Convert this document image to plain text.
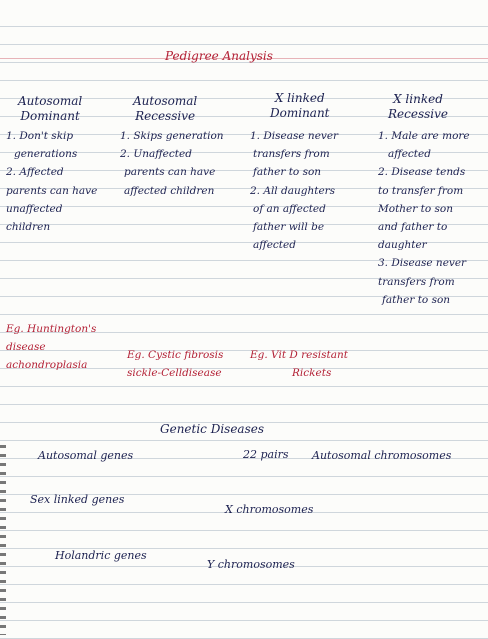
Pedigree Analysis
Autosomal
Dominant
Autosomal
Recessive
X linked
Dominant
X linked
Recessive
1. Don't skip
generations
2. Affected
parents can have
unaffected
children
1. Skips generation
2. Unaffected
parents can have
affected children
1. Disease never
transfers from
father to son
2. All daughters
of an affected
father will be
affected
1. Male are more
affected
2. Disease tends
to transfer from
Mother to son
and father to
daughter
3. Disease never
transfers from
father to son
Eg. Huntington's
disease
achondroplasia
Eg. Cystic fibrosis
sickle-Celldisease
Eg. Vit D resistant
Rickets
Genetic Diseases
Autosomal genes	22 pairs Autosomal chromosomes
Sex linked genes
X chromosomes
Holandric genes
Y chromosomes
